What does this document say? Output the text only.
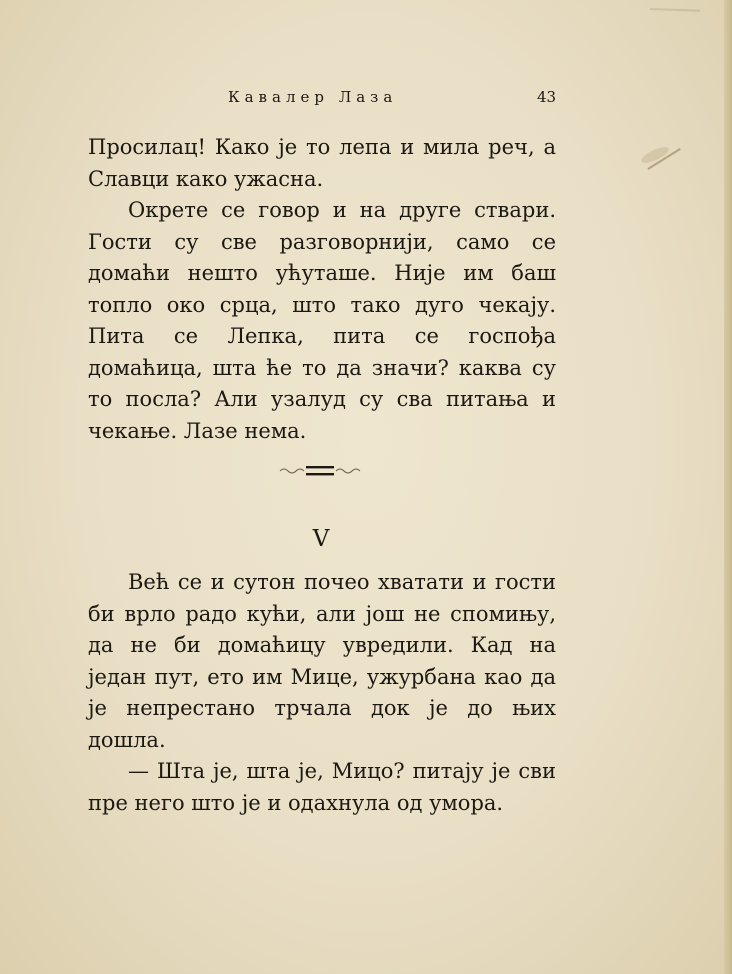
Кавалер Лаза	43

Просилац! Како је то лепа и мила реч, а Славци како ужасна.

Окрете се говор и на друге ствари. Гости су све разговорнији, само се домаћи нешто ућуташе. Није им баш топло око срца, што тако дуго чекају. Пита се Лепка, пита се госпођа домаћица, шта ће то да значи? каква су то посла? Али узалуд су сва питања и чекање. Лазе нема.

V

Већ се и сутон почео хватати и гости би врло радо кући, али још не спомињу, да не би домаћицу увредили. Кад на један пут, ето им Мице, ужурбана као да је непрестано трчала док је до њих дошла.

— Шта је, шта је, Мицо? питају је сви пре него што је и одахнула од умора.
